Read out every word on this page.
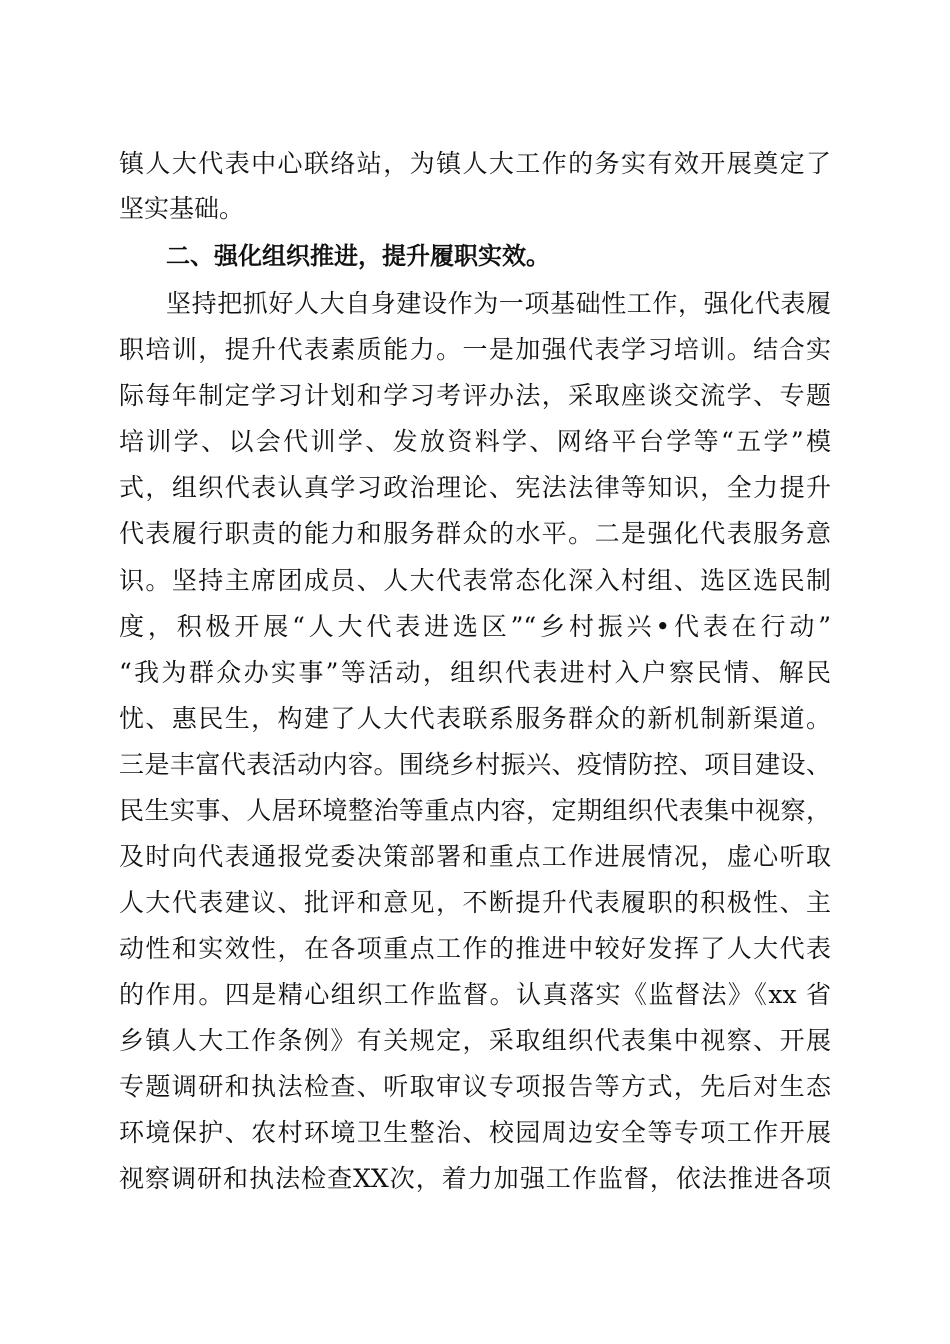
镇人大代表中心联络站，为镇人大工作的务实有效开展奠定了
坚实基础。
二、强化组织推进，提升履职实效。
坚持把抓好人大自身建设作为一项基础性工作，强化代表履
职培训，提升代表素质能力。一是加强代表学习培训。结合实
际每年制定学习计划和学习考评办法，采取座谈交流学、专题
培训学、以会代训学、发放资料学、网络平台学等“五学”模
式，组织代表认真学习政治理论、宪法法律等知识，全力提升
代表履行职责的能力和服务群众的水平。二是强化代表服务意
识。坚持主席团成员、人大代表常态化深入村组、选区选民制
度，积极开展“人大代表进选区”“乡村振兴•代表在行动”
“我为群众办实事”等活动，组织代表进村入户察民情、解民
忧、惠民生，构建了人大代表联系服务群众的新机制新渠道。
三是丰富代表活动内容。围绕乡村振兴、疫情防控、项目建设、
民生实事、人居环境整治等重点内容，定期组织代表集中视察，
及时向代表通报党委决策部署和重点工作进展情况，虚心听取
人大代表建议、批评和意见，不断提升代表履职的积极性、主
动性和实效性，在各项重点工作的推进中较好发挥了人大代表
的作用。四是精心组织工作监督。认真落实《监督法》《xx 省
乡镇人大工作条例》有关规定，采取组织代表集中视察、开展
专题调研和执法检查、听取审议专项报告等方式，先后对生态
环境保护、农村环境卫生整治、校园周边安全等专项工作开展
视察调研和执法检查XX次，着力加强工作监督，依法推进各项
